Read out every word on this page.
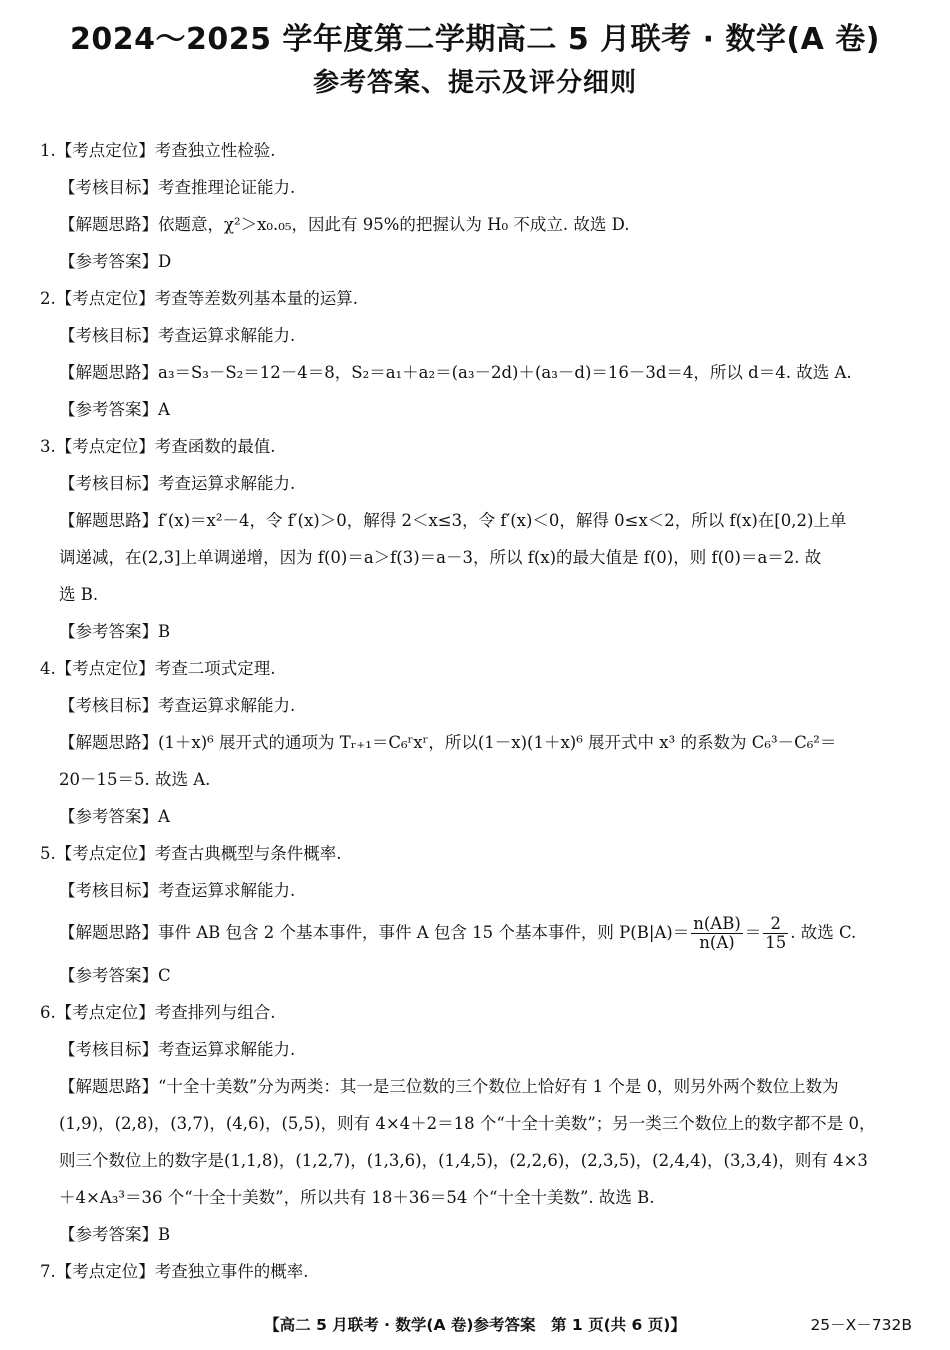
2024～2025 学年度第二学期高二 5 月联考 · 数学(A 卷)
参考答案、提示及评分细则
1.【考点定位】考查独立性检验.
【考核目标】考查推理论证能力.
【解题思路】依题意，χ²＞x₀.₀₅，因此有 95%的把握认为 H₀ 不成立. 故选 D.
【参考答案】D
2.【考点定位】考查等差数列基本量的运算.
【考核目标】考查运算求解能力.
【解题思路】a₃＝S₃－S₂＝12－4＝8，S₂＝a₁＋a₂＝(a₃－2d)＋(a₃－d)＝16－3d＝4，所以 d＝4. 故选 A.
【参考答案】A
3.【考点定位】考查函数的最值.
【考核目标】考查运算求解能力.
【解题思路】f′(x)＝x²－4，令 f′(x)＞0，解得 2＜x≤3，令 f′(x)＜0，解得 0≤x＜2，所以 f(x)在[0,2)上单
调递减，在(2,3]上单调递增，因为 f(0)＝a＞f(3)＝a－3，所以 f(x)的最大值是 f(0)，则 f(0)＝a＝2. 故
选 B.
【参考答案】B
4.【考点定位】考查二项式定理.
【考核目标】考查运算求解能力.
【解题思路】(1＋x)⁶ 展开式的通项为 Tᵣ₊₁＝C₆ʳxʳ，所以(1－x)(1＋x)⁶ 展开式中 x³ 的系数为 C₆³－C₆²＝
20－15＝5. 故选 A.
【参考答案】A
5.【考点定位】考查古典概型与条件概率.
【考核目标】考查运算求解能力.
【解题思路】事件 AB 包含 2 个基本事件，事件 A 包含 15 个基本事件，则 $P(B|A)= \frac{n(AB)}{n(A)} = \frac{2}{15}$ . 故选 C.
【参考答案】C
6.【考点定位】考查排列与组合.
【考核目标】考查运算求解能力.
【解题思路】“十全十美数”分为两类：其一是三位数的三个数位上恰好有 1 个是 0，则另外两个数位上数为
(1,9)，(2,8)，(3,7)，(4,6)，(5,5)，则有 4×4＋2＝18 个“十全十美数”；另一类三个数位上的数字都不是 0，
则三个数位上的数字是(1,1,8)，(1,2,7)，(1,3,6)，(1,4,5)，(2,2,6)，(2,3,5)，(2,4,4)，(3,3,4)，则有 4×3
＋4×A₃³＝36 个“十全十美数”，所以共有 18＋36＝54 个“十全十美数”. 故选 B.
【参考答案】B
7.【考点定位】考查独立事件的概率.
【高二 5 月联考 · 数学(A 卷)参考答案　第 1 页(共 6 页)】	25－X－732B
